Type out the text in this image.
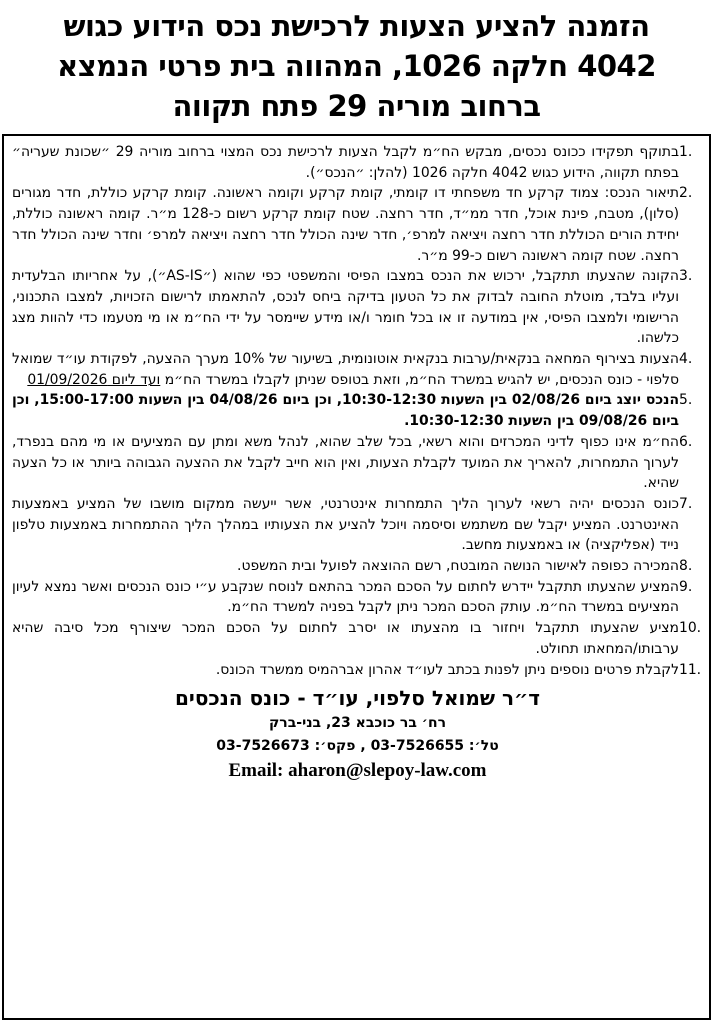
הזמנה להציע הצעות לרכישת נכס הידוע כגוש
4042 חלקה 1026, המהווה בית פרטי הנמצא
ברחוב מוריה 29 פתח תקווה
1.
בתוקף תפקידו ככונס נכסים, מבקש הח״מ לקבל הצעות לרכישת נכס המצוי ברחוב מוריה 29 ״שכונת שעריה״ בפתח תקווה, הידוע כגוש 4042 חלקה 1026 (להלן: ״הנכס״).
2.
תיאור הנכס: צמוד קרקע חד משפחתי דו קומתי, קומת קרקע וקומה ראשונה. קומת קרקע כוללת, חדר מגורים (סלון), מטבח, פינת אוכל, חדר ממ״ד, חדר רחצה. שטח קומת קרקע רשום כ-128 מ״ר. קומה ראשונה כוללת, יחידת הורים הכוללת חדר רחצה ויציאה למרפ׳, חדר שינה הכולל חדר רחצה ויציאה למרפ׳ וחדר שינה הכולל חדר רחצה. שטח קומה ראשונה רשום כ-99 מ״ר.
3.
הקונה שהצעתו תתקבל, ירכוש את הנכס במצבו הפיסי והמשפטי כפי שהוא (״AS-IS״), על אחריותו הבלעדית ועליו בלבד, מוטלת החובה לבדוק את כל הטעון בדיקה ביחס לנכס, להתאמתו לרישום הזכויות, למצבו התכנוני, הרישומי ולמצבו הפיסי, אין במודעה זו או בכל חומר ו/או מידע שיימסר על ידי הח״מ או מי מטעמו כדי להוות מצג כלשהו.
4.
הצעות בצירוף המחאה בנקאית/ערבות בנקאית אוטונומית, בשיעור של 10% מערך ההצעה, לפקודת עו״ד שמואל סלפוי - כונס הנכסים, יש להגיש במשרד הח״מ, וזאת בטופס שניתן לקבלו במשרד הח״מ ועד ליום 01/09/2026
5.
הנכס יוצג ביום 02/08/26 בין השעות 10:30-12:30, וכן ביום 04/08/26 בין השעות 15:00-17:00, וכן ביום 09/08/26 בין השעות 10:30-12:30.
6.
הח״מ אינו כפוף לדיני המכרזים והוא רשאי, בכל שלב שהוא, לנהל משא ומתן עם המציעים או מי מהם בנפרד, לערוך התמחרות, להאריך את המועד לקבלת הצעות, ואין הוא חייב לקבל את ההצעה הגבוהה ביותר או כל הצעה שהיא.
7.
כונס הנכסים יהיה רשאי לערוך הליך התמחרות אינטרנטי, אשר ייעשה ממקום מושבו של המציע באמצעות האינטרנט. המציע יקבל שם משתמש וסיסמה ויוכל להציע את הצעותיו במהלך הליך ההתמחרות באמצעות טלפון נייד (אפליקציה) או באמצעות מחשב.
8.
המכירה כפופה לאישור הנושה המובטח, רשם ההוצאה לפועל ובית המשפט.
9.
המציע שהצעתו תתקבל יידרש לחתום על הסכם המכר בהתאם לנוסח שנקבע ע״י כונס הנכסים ואשר נמצא לעיון המציעים במשרד הח״מ. עותק הסכם המכר ניתן לקבל בפניה למשרד הח״מ.
10.
מציע שהצעתו תתקבל ויחזור בו מהצעתו או יסרב לחתום על הסכם המכר שיצורף מכל סיבה שהיא ערבותו/המחאתו תחולט.
11.
לקבלת פרטים נוספים ניתן לפנות בכתב לעו״ד אהרון אברהמיס ממשרד הכונס.
ד״ר שמואל סלפוי, עו״ד - כונס הנכסים
רח׳ בר כוכבא 23, בני-ברק
טל׳: 03-7526655 , פקס׳: 03-7526673
Email: aharon@slepoy-law.com
